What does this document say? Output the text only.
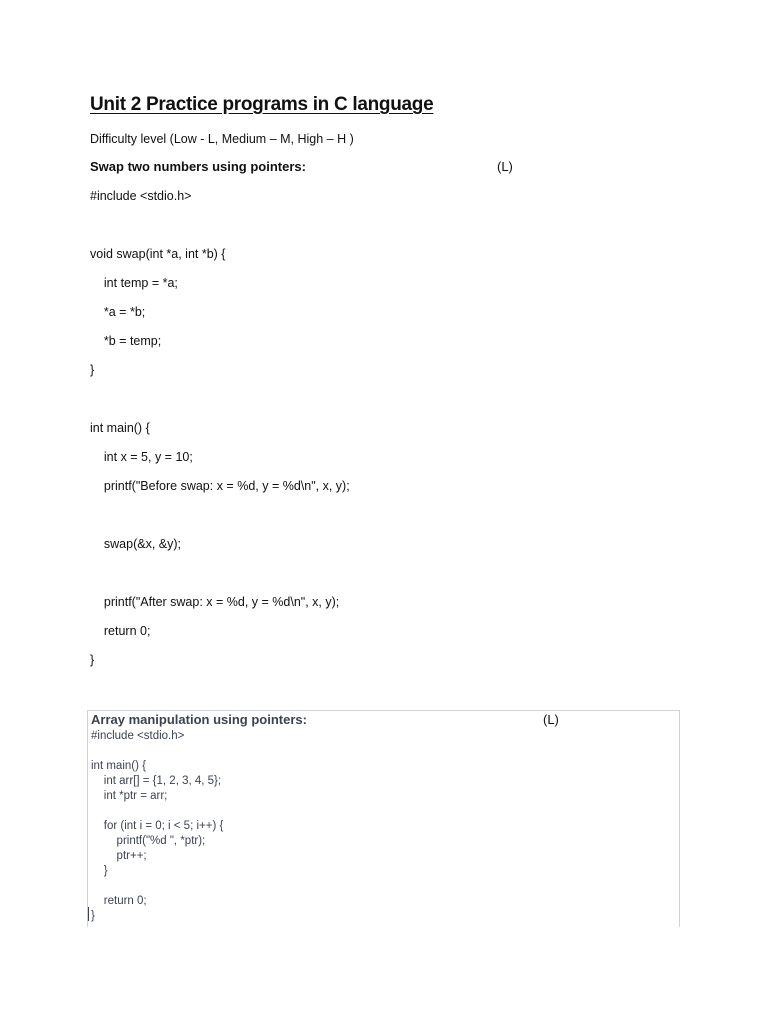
Unit 2 Practice programs in C language
Difficulty level (Low - L, Medium – M, High – H )
Swap two numbers using pointers:	(L)
#include <stdio.h>
void swap(int *a, int *b) {
int temp = *a;
*a = *b;
*b = temp;
}
int main() {
int x = 5, y = 10;
printf("Before swap: x = %d, y = %d\n", x, y);
swap(&x, &y);
printf("After swap: x = %d, y = %d\n", x, y);
return 0;
}
Array manipulation using pointers:	(L)
#include <stdio.h>
int main() {
int arr[] = {1, 2, 3, 4, 5};
int *ptr = arr;
for (int i = 0; i < 5; i++) {
printf("%d ", *ptr);
ptr++;
}
return 0;
}
